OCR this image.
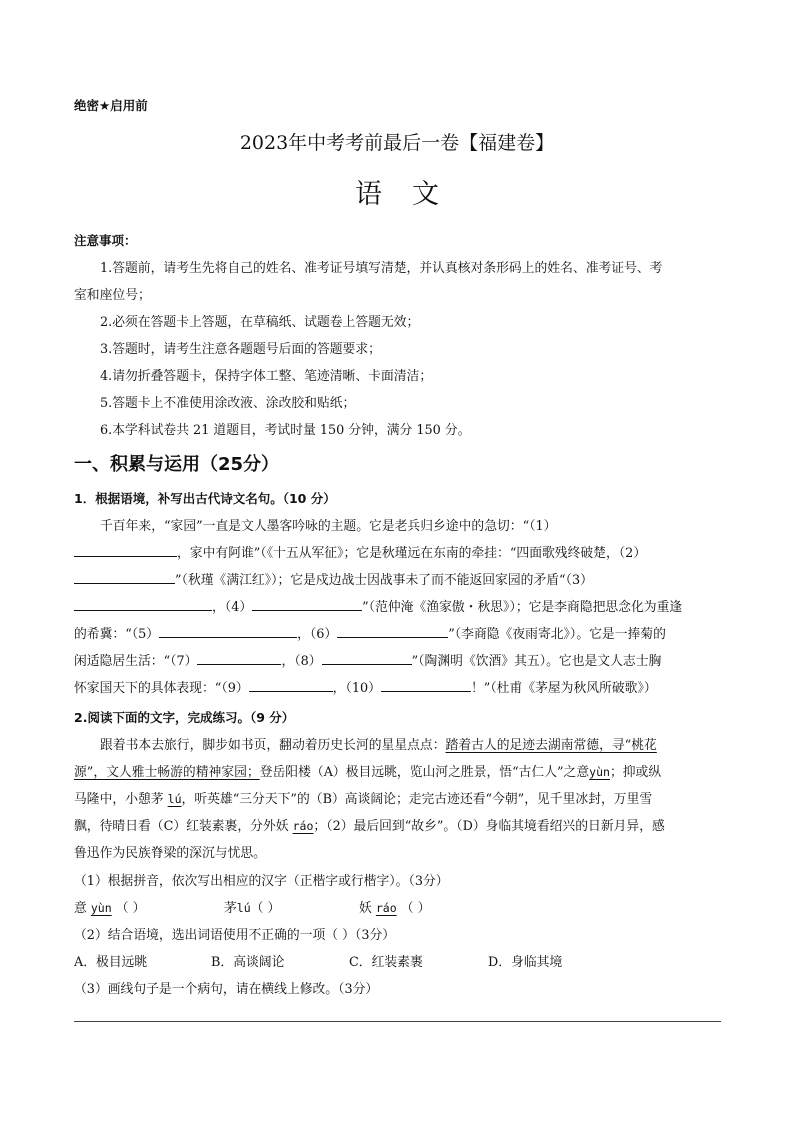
绝密★启用前
2023年中考考前最后一卷【福建卷】
语文
注意事项：
1.答题前，请考生先将自己的姓名、准考证号填写清楚，并认真核对条形码上的姓名、准考证号、考
室和座位号；
2.必须在答题卡上答题，在草稿纸、试题卷上答题无效；
3.答题时，请考生注意各题题号后面的答题要求；
4.请勿折叠答题卡，保持字体工整、笔迹清晰、卡面清洁；
5.答题卡上不准使用涂改液、涂改胶和贴纸；
6.本学科试卷共 21 道题目，考试时量 150 分钟，满分 150 分。
一、积累与运用（25分）
1．根据语境，补写出古代诗文名句。（10 分）
千百年来，“家园”一直是文人墨客吟咏的主题。它是老兵归乡途中的急切：“（1）
，家中有阿谁”（《十五从军征》；它是秋瑾远在东南的牵挂：“四面歌残终破楚，（2）
”（秋瑾《满江红》）；它是戍边战士因战事未了而不能返回家园的矛盾“（3）
，（4）	”（范仲淹《渔家傲・秋思》）；它是李商隐把思念化为重逢
的希冀：“（5）	，（6）	”（李商隐《夜雨寄北》）。它是一捧菊的
闲适隐居生活：“（7）	，（8）	”（陶渊明《饮酒》其五）。它也是文人志士胸
怀家国天下的具体表现：“（9）	，（10）	！”（杜甫《茅屋为秋风所破歌》）
2.阅读下面的文字，完成练习。（9 分）
跟着书本去旅行，脚步如书页，翻动着历史长河的星星点点：踏着古人的足迹去湖南常德，寻“桃花
源”，文人雅士畅游的精神家园；登岳阳楼（A）极目远眺，览山河之胜景，悟“古仁人”之意yùn；抑或纵
马隆中，小憩茅 lú，听英雄“三分天下”的（B）高谈阔论；走完古迹还看“今朝”，见千里冰封，万里雪
飘，待晴日看（C）红装素裹，分外妖 ráo；（2）最后回到“故乡”。（D）身临其境看绍兴的日新月异，感
鲁迅作为民族脊梁的深沉与忧思。
（1）根据拼音，依次写出相应的汉字（正楷字或行楷字）。（3分）
意 yùn （ ）	茅lú（ ）	妖 ráo （ ）
（2）结合语境，选出词语使用不正确的一项（ ）（3分）
A．极目远眺	B．高谈阔论	C．红装素裹	D．身临其境
（3）画线句子是一个病句，请在横线上修改。（3分）
